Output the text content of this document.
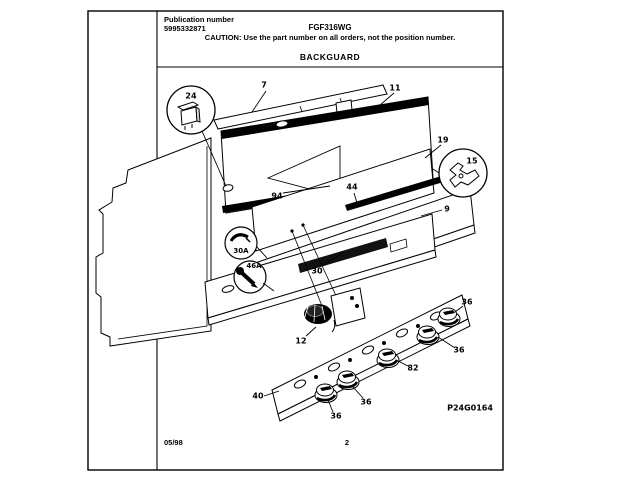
Publication number
5995332871	FGF316WG
CAUTION: Use the part number on all orders, not the position number.
BACKGUARD
7	11
19
24
15
94
44
9
30
30A
46A
12
40
36
36
82
36
36
P24G0164
05/98	2
